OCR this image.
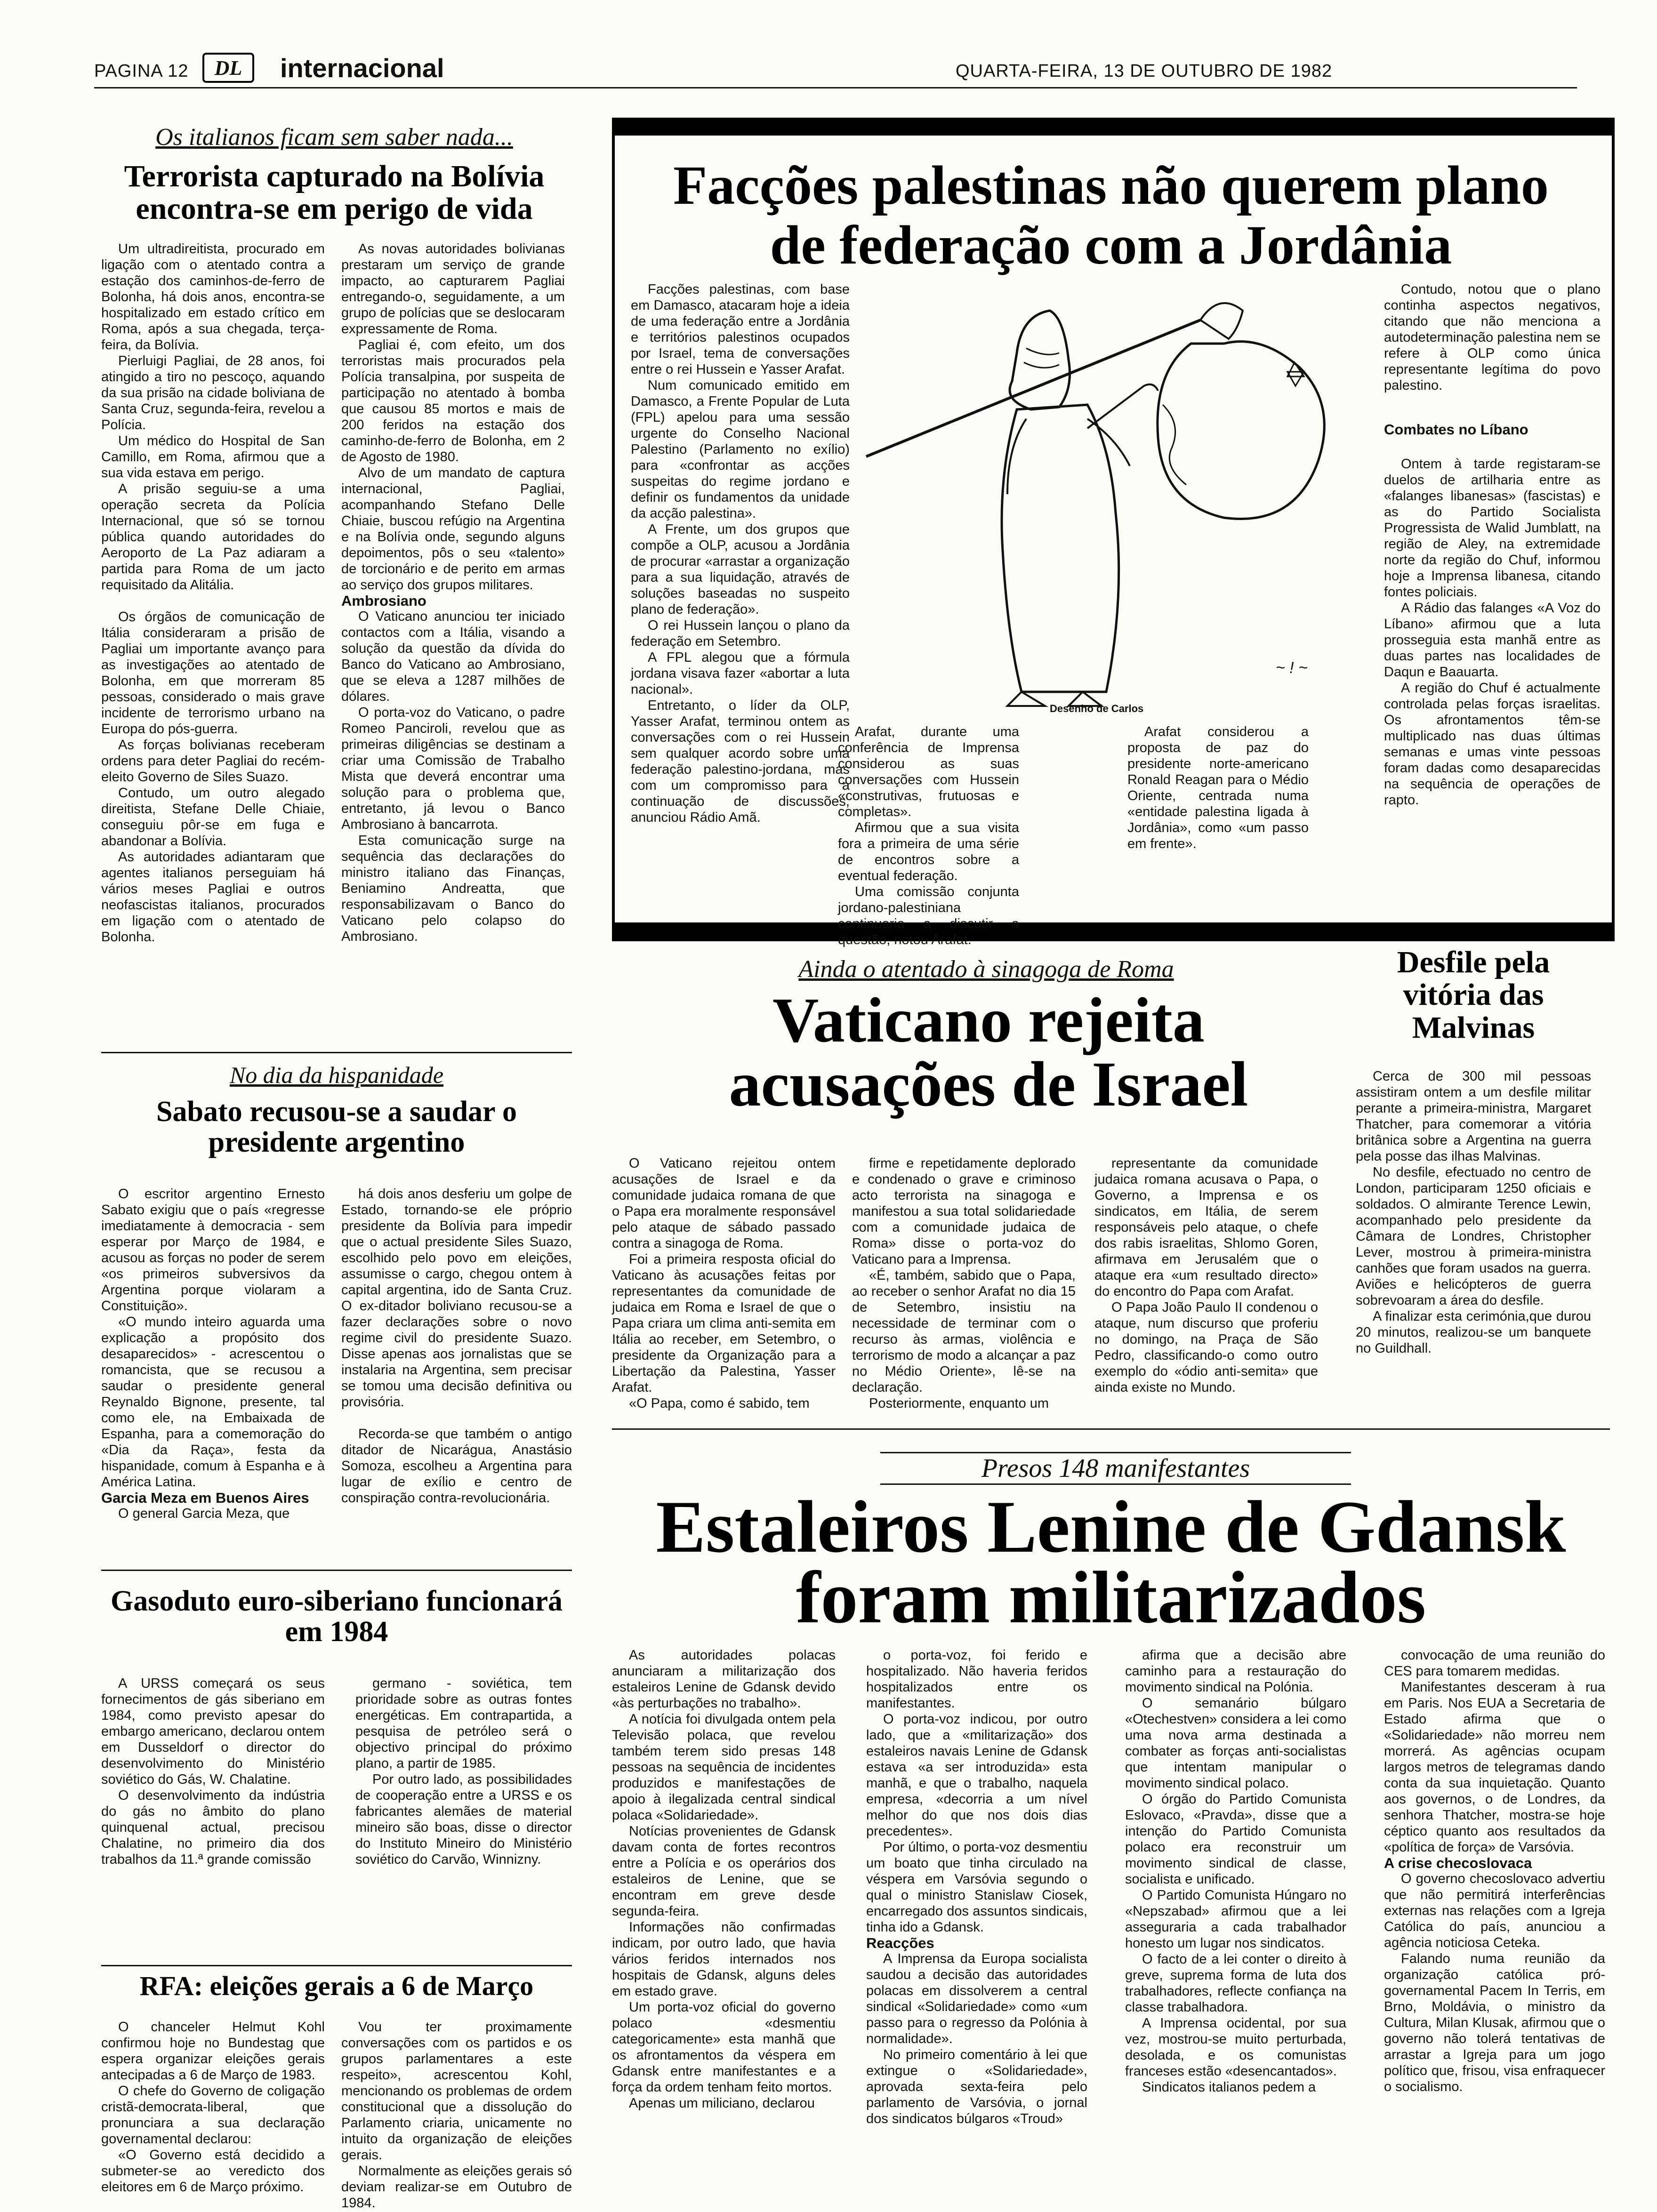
PAGINA 12	DL	internacional	QUARTA-FEIRA, 13 DE OUTUBRO DE 1982
Os italianos ficam sem saber nada...
Terrorista capturado na Bolívia encontra-se em perigo de vida

Um ultradireitista, procurado em ligação com o atentado contra a estação dos caminhos-de-ferro de Bolonha, há dois anos, encontra-se hospitalizado em estado crítico em Roma, após a sua chegada, terça-feira, da Bolívia.

Pierluigi Pagliai, de 28 anos, foi atingido a tiro no pescoço, aquando da sua prisão na cidade boliviana de Santa Cruz, segunda-feira, revelou a Polícia.

Um médico do Hospital de San Camillo, em Roma, afirmou que a sua vida estava em perigo.

A prisão seguiu-se a uma operação secreta da Polícia Internacional, que só se tornou pública quando autoridades do Aeroporto de La Paz adiaram a partida para Roma de um jacto requisitado da Alitália.

Os órgãos de comunicação de Itália consideraram a prisão de Pagliai um importante avanço para as investigações ao atentado de Bolonha, em que morreram 85 pessoas, considerado o mais grave incidente de terrorismo urbano na Europa do pós-guerra.

As forças bolivianas receberam ordens para deter Pagliai do recém-eleito Governo de Siles Suazo.

Contudo, um outro alegado direitista, Stefane Delle Chiaie, conseguiu pôr-se em fuga e abandonar a Bolívia.

As autoridades adiantaram que agentes italianos perseguiam há vários meses Pagliai e outros neofascistas italianos, procurados em ligação com o atentado de Bolonha.

As novas autoridades bolivianas prestaram um serviço de grande impacto, ao capturarem Pagliai entregando-o, seguidamente, a um grupo de polícias que se deslocaram expressamente de Roma.

Pagliai é, com efeito, um dos terroristas mais procurados pela Polícia transalpina, por suspeita de participação no atentado à bomba que causou 85 mortos e mais de 200 feridos na estação dos caminho-de-ferro de Bolonha, em 2 de Agosto de 1980.

Alvo de um mandato de captura internacional, Pagliai, acompanhando Stefano Delle Chiaie, buscou refúgio na Argentina e na Bolívia onde, segundo alguns depoimentos, pôs o seu «talento» de torcionário e de perito em armas ao serviço dos grupos militares.

Ambrosiano

O Vaticano anunciou ter iniciado contactos com a Itália, visando a solução da questão da dívida do Banco do Vaticano ao Ambrosiano, que se eleva a 1287 milhões de dólares.

O porta-voz do Vaticano, o padre Romeo Panciroli, revelou que as primeiras diligências se destinam a criar uma Comissão de Trabalho Mista que deverá encontrar uma solução para o problema que, entretanto, já levou o Banco Ambrosiano à bancarrota.

Esta comunicação surge na sequência das declarações do ministro italiano das Finanças, Beniamino Andreatta, que responsabilizavam o Banco do Vaticano pelo colapso do Ambrosiano.

Facções palestinas não querem plano de federação com a Jordânia

Facções palestinas, com base em Damasco, atacaram hoje a ideia de uma federação entre a Jordânia e territórios palestinos ocupados por Israel, tema de conversações entre o rei Hussein e Yasser Arafat.

Num comunicado emitido em Damasco, a Frente Popular de Luta (FPL) apelou para uma sessão urgente do Conselho Nacional Palestino (Parlamento no exílio) para «confrontar as acções suspeitas do regime jordano e definir os fundamentos da unidade da acção palestina».

A Frente, um dos grupos que compõe a OLP, acusou a Jordânia de procurar «arrastar a organização para a sua liquidação, através de soluções baseadas no suspeito plano de federação».

O rei Hussein lançou o plano da federação em Setembro.

A FPL alegou que a fórmula jordana visava fazer «abortar a luta nacional».

Entretanto, o líder da OLP, Yasser Arafat, terminou ontem as conversações com o rei Hussein sem qualquer acordo sobre uma federação palestino-jordana, mas com um compromisso para a continuação de discussões, anunciou Rádio Amã.

~ ! ~
Desenho de Carlos

Arafat, durante uma conferência de Imprensa considerou as suas conversações com Hussein «construtivas, frutuosas e completas».

Afirmou que a sua visita fora a primeira de uma série de encontros sobre a eventual federação.

Uma comissão conjunta jordano-palestiniana continuaria a discutir a questão, notou Arafat.

Arafat considerou a proposta de paz do presidente norte-americano Ronald Reagan para o Médio Oriente, centrada numa «entidade palestina ligada à Jordânia», como «um passo em frente».

Contudo, notou que o plano continha aspectos negativos, citando que não menciona a autodeterminação palestina nem se refere à OLP como única representante legítima do povo palestino.

Combates no Líbano

Ontem à tarde registaram-se duelos de artilharia entre as «falanges libanesas» (fascistas) e as do Partido Socialista Progressista de Walid Jumblatt, na região de Aley, na extremidade norte da região do Chuf, informou hoje a Imprensa libanesa, citando fontes policiais.

A Rádio das falanges «A Voz do Líbano» afirmou que a luta prosseguia esta manhã entre as duas partes nas localidades de Daqun e Baauarta.

A região do Chuf é actualmente controlada pelas forças israelitas. Os afrontamentos têm-se multiplicado nas duas últimas semanas e umas vinte pessoas foram dadas como desaparecidas na sequência de operações de rapto.

No dia da hispanidade
Sabato recusou-se a saudar o presidente argentino

O escritor argentino Ernesto Sabato exigiu que o país «regresse imediatamente à democracia - sem esperar por Março de 1984, e acusou as forças no poder de serem «os primeiros subversivos da Argentina porque violaram a Constituição».

«O mundo inteiro aguarda uma explicação a propósito dos desaparecidos» - acrescentou o romancista, que se recusou a saudar o presidente general Reynaldo Bignone, presente, tal como ele, na Embaixada de Espanha, para a comemoração do «Dia da Raça», festa da hispanidade, comum à Espanha e à América Latina.

Garcia Meza em Buenos Aires

O general Garcia Meza, que

há dois anos desferiu um golpe de Estado, tornando-se ele próprio presidente da Bolívia para impedir que o actual presidente Siles Suazo, escolhido pelo povo em eleições, assumisse o cargo, chegou ontem à capital argentina, ido de Santa Cruz. O ex-ditador boliviano recusou-se a fazer declarações sobre o novo regime civil do presidente Suazo. Disse apenas aos jornalistas que se instalaria na Argentina, sem precisar se tomou uma decisão definitiva ou provisória.

Recorda-se que também o antigo ditador de Nicarágua, Anastásio Somoza, escolheu a Argentina para lugar de exílio e centro de conspiração contra-revolucionária.

Gasoduto euro-siberiano funcionará em 1984

A URSS começará os seus fornecimentos de gás siberiano em 1984, como previsto apesar do embargo americano, declarou ontem em Dusseldorf o director do desenvolvimento do Ministério soviético do Gás, W. Chalatine.

O desenvolvimento da indústria do gás no âmbito do plano quinquenal actual, precisou Chalatine, no primeiro dia dos trabalhos da 11.ª grande comissão

germano - soviética, tem prioridade sobre as outras fontes energéticas. Em contrapartida, a pesquisa de petróleo será o objectivo principal do próximo plano, a partir de 1985.

Por outro lado, as possibilidades de cooperação entre a URSS e os fabricantes alemães de material mineiro são boas, disse o director do Instituto Mineiro do Ministério soviético do Carvão, Winnizny.

RFA: eleições gerais a 6 de Março

O chanceler Helmut Kohl confirmou hoje no Bundestag que espera organizar eleições gerais antecipadas a 6 de Março de 1983.

O chefe do Governo de coligação cristã-democrata-liberal, que pronunciara a sua declaração governamental declarou:

«O Governo está decidido a submeter-se ao veredicto dos eleitores em 6 de Março próximo.

Vou ter proximamente conversações com os partidos e os grupos parlamentares a este respeito», acrescentou Kohl, mencionando os problemas de ordem constitucional que a dissolução do Parlamento criaria, unicamente no intuito da organização de eleições gerais.

Normalmente as eleições gerais só deviam realizar-se em Outubro de 1984.

Ainda o atentado à sinagoga de Roma
Vaticano rejeita acusações de Israel

O Vaticano rejeitou ontem acusações de Israel e da comunidade judaica romana de que o Papa era moralmente responsável pelo ataque de sábado passado contra a sinagoga de Roma.

Foi a primeira resposta oficial do Vaticano às acusações feitas por representantes da comunidade de judaica em Roma e Israel de que o Papa criara um clima anti-semita em Itália ao receber, em Setembro, o presidente da Organização para a Libertação da Palestina, Yasser Arafat.

«O Papa, como é sabido, tem

firme e repetidamente deplorado e condenado o grave e criminoso acto terrorista na sinagoga e manifestou a sua total solidariedade com a comunidade judaica de Roma» disse o porta-voz do Vaticano para a Imprensa.

«É, também, sabido que o Papa, ao receber o senhor Arafat no dia 15 de Setembro, insistiu na necessidade de terminar com o recurso às armas, violência e terrorismo de modo a alcançar a paz no Médio Oriente», lê-se na declaração.

Posteriormente, enquanto um

representante da comunidade judaica romana acusava o Papa, o Governo, a Imprensa e os sindicatos, em Itália, de serem responsáveis pelo ataque, o chefe dos rabis israelitas, Shlomo Goren, afirmava em Jerusalém que o ataque era «um resultado directo» do encontro do Papa com Arafat.

O Papa João Paulo II condenou o ataque, num discurso que proferiu no domingo, na Praça de São Pedro, classificando-o como outro exemplo do «ódio anti-semita» que ainda existe no Mundo.

Desfile pela vitória das Malvinas

Cerca de 300 mil pessoas assistiram ontem a um desfile militar perante a primeira-ministra, Margaret Thatcher, para comemorar a vitória britânica sobre a Argentina na guerra pela posse das ilhas Malvinas.

No desfile, efectuado no centro de London, participaram 1250 oficiais e soldados. O almirante Terence Lewin, acompanhado pelo presidente da Câmara de Londres, Christopher Lever, mostrou à primeira-ministra canhões que foram usados na guerra. Aviões e helicópteros de guerra sobrevoaram a área do desfile.

A finalizar esta cerimónia,que durou 20 minutos, realizou-se um banquete no Guildhall.

Presos 148 manifestantes
Estaleiros Lenine de Gdansk foram militarizados

As autoridades polacas anunciaram a militarização dos estaleiros Lenine de Gdansk devido «às perturbações no trabalho».

A notícia foi divulgada ontem pela Televisão polaca, que revelou também terem sido presas 148 pessoas na sequência de incidentes produzidos e manifestações de apoio à ilegalizada central sindical polaca «Solidariedade».

Notícias provenientes de Gdansk davam conta de fortes recontros entre a Polícia e os operários dos estaleiros de Lenine, que se encontram em greve desde segunda-feira.

Informações não confirmadas indicam, por outro lado, que havia vários feridos internados nos hospitais de Gdansk, alguns deles em estado grave.

Um porta-voz oficial do governo polaco «desmentiu categoricamente» esta manhã que os afrontamentos da véspera em Gdansk entre manifestantes e a força da ordem tenham feito mortos.

Apenas um miliciano, declarou

o porta-voz, foi ferido e hospitalizado. Não haveria feridos hospitalizados entre os manifestantes.

O porta-voz indicou, por outro lado, que a «militarização» dos estaleiros navais Lenine de Gdansk estava «a ser introduzida» esta manhã, e que o trabalho, naquela empresa, «decorria a um nível melhor do que nos dois dias precedentes».

Por último, o porta-voz desmentiu um boato que tinha circulado na véspera em Varsóvia segundo o qual o ministro Stanislaw Ciosek, encarregado dos assuntos sindicais, tinha ido a Gdansk.

Reacções

A Imprensa da Europa socialista saudou a decisão das autoridades polacas em dissolverem a central sindical «Solidariedade» como «um passo para o regresso da Polónia à normalidade».

No primeiro comentário à lei que extingue o «Solidariedade», aprovada sexta-feira pelo parlamento de Varsóvia, o jornal dos sindicatos búlgaros «Troud»

afirma que a decisão abre caminho para a restauração do movimento sindical na Polónia.

O semanário búlgaro «Otechestven» considera a lei como uma nova arma destinada a combater as forças anti-socialistas que intentam manipular o movimento sindical polaco.

O órgão do Partido Comunista Eslovaco, «Pravda», disse que a intenção do Partido Comunista polaco era reconstruir um movimento sindical de classe, socialista e unificado.

O Partido Comunista Húngaro no «Nepszabad» afirmou que a lei asseguraria a cada trabalhador honesto um lugar nos sindicatos.

O facto de a lei conter o direito à greve, suprema forma de luta dos trabalhadores, reflecte confiança na classe trabalhadora.

A Imprensa ocidental, por sua vez, mostrou-se muito perturbada, desolada, e os comunistas franceses estão «desencantados».

Sindicatos italianos pedem a

convocação de uma reunião do CES para tomarem medidas.

Manifestantes desceram à rua em Paris. Nos EUA a Secretaria de Estado afirma que o «Solidariedade» não morreu nem morrerá. As agências ocupam largos metros de telegramas dando conta da sua inquietação. Quanto aos governos, o de Londres, da senhora Thatcher, mostra-se hoje céptico quanto aos resultados da «política de força» de Varsóvia.

A crise checoslovaca

O governo checoslovaco advertiu que não permitirá interferências externas nas relações com a Igreja Católica do país, anunciou a agência noticiosa Ceteka.

Falando numa reunião da organização católica pró-governamental Pacem In Terris, em Brno, Moldávia, o ministro da Cultura, Milan Klusak, afirmou que o governo não tolerá tentativas de arrastar a Igreja para um jogo político que, frisou, visa enfraquecer o socialismo.
